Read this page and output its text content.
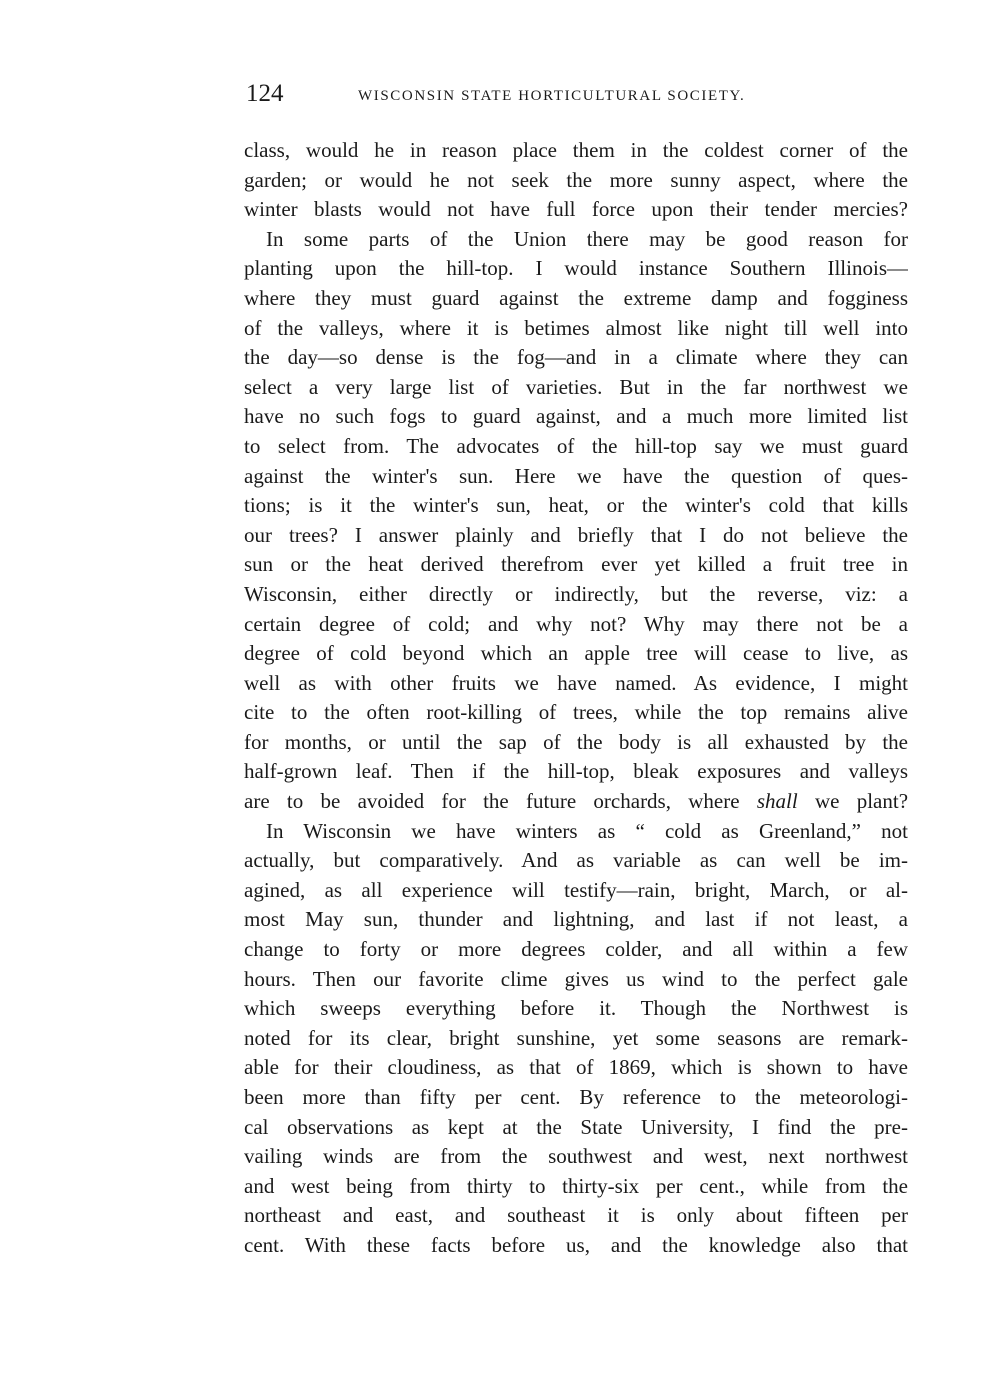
124	WISCONSIN STATE HORTICULTURAL SOCIETY.
class, would he in reason place them in the coldest corner of the
garden; or would he not seek the more sunny aspect, where the
winter blasts would not have full force upon their tender mercies?
In some parts of the Union there may be good reason for
planting upon the hill-top. I would instance Southern Illinois—
where they must guard against the extreme damp and fogginess
of the valleys, where it is betimes almost like night till well into
the day—so dense is the fog—and in a climate where they can
select a very large list of varieties. But in the far northwest we
have no such fogs to guard against, and a much more limited list
to select from. The advocates of the hill-top say we must guard
against the winter's sun. Here we have the question of ques-
tions; is it the winter's sun, heat, or the winter's cold that kills
our trees? I answer plainly and briefly that I do not believe the
sun or the heat derived therefrom ever yet killed a fruit tree in
Wisconsin, either directly or indirectly, but the reverse, viz: a
certain degree of cold; and why not? Why may there not be a
degree of cold beyond which an apple tree will cease to live, as
well as with other fruits we have named. As evidence, I might
cite to the often root-killing of trees, while the top remains alive
for months, or until the sap of the body is all exhausted by the
half-grown leaf. Then if the hill-top, bleak exposures and valleys
are to be avoided for the future orchards, where shall we plant?
In Wisconsin we have winters as “ cold as Greenland,” not
actually, but comparatively. And as variable as can well be im-
agined, as all experience will testify—rain, bright, March, or al-
most May sun, thunder and lightning, and last if not least, a
change to forty or more degrees colder, and all within a few
hours. Then our favorite clime gives us wind to the perfect gale
which sweeps everything before it. Though the Northwest is
noted for its clear, bright sunshine, yet some seasons are remark-
able for their cloudiness, as that of 1869, which is shown to have
been more than fifty per cent. By reference to the meteorologi-
cal observations as kept at the State University, I find the pre-
vailing winds are from the southwest and west, next northwest
and west being from thirty to thirty-six per cent., while from the
northeast and east, and southeast it is only about fifteen per
cent. With these facts before us, and the knowledge also that
